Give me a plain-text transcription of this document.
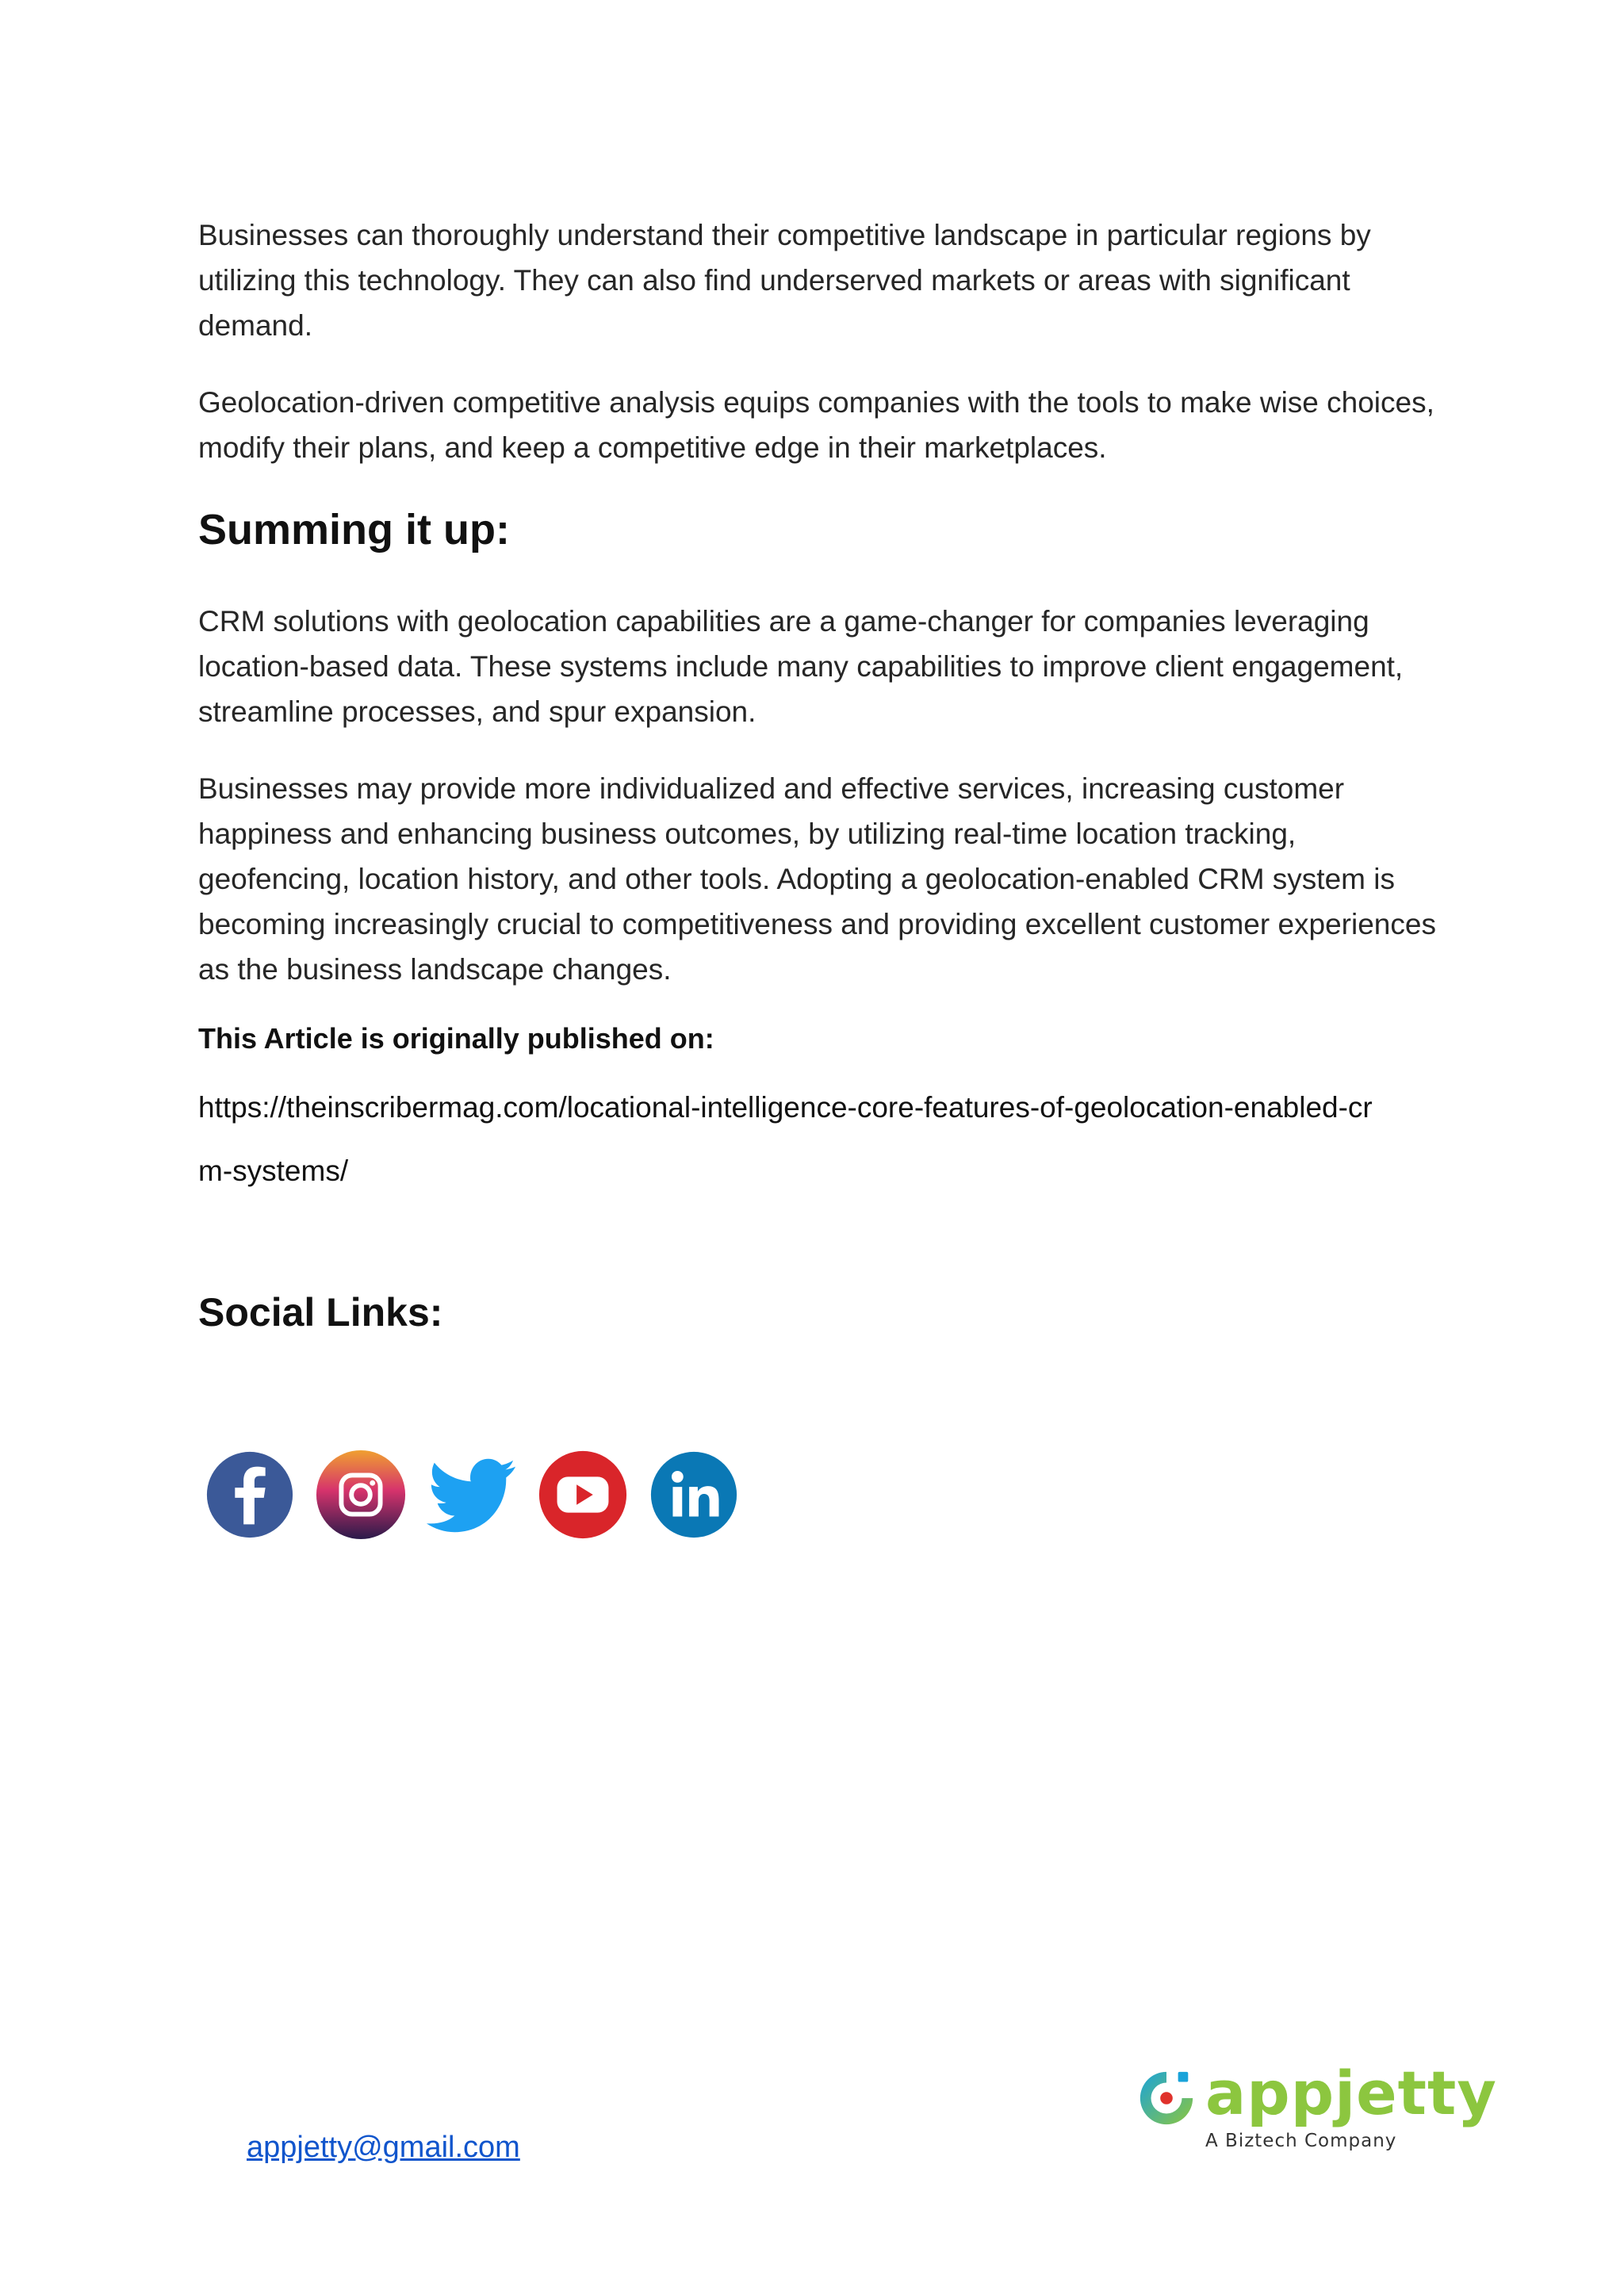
Businesses can thoroughly understand their competitive landscape in particular regions by utilizing this technology. They can also find underserved markets or areas with significant demand.

Geolocation-driven competitive analysis equips companies with the tools to make wise choices, modify their plans, and keep a competitive edge in their marketplaces.

Summing it up:

CRM solutions with geolocation capabilities are a game-changer for companies leveraging location-based data. These systems include many capabilities to improve client engagement, streamline processes, and spur expansion.

Businesses may provide more individualized and effective services, increasing customer happiness and enhancing business outcomes, by utilizing real-time location tracking, geofencing, location history, and other tools. Adopting a geolocation-enabled CRM system is becoming increasingly crucial to competitiveness and providing excellent customer experiences as the business landscape changes.

This Article is originally published on:
https://theinscribermag.com/locational-intelligence-core-features-of-geolocation-enabled-cr
m-systems/
Social Links:
appjetty
A Biztech Company
appjetty@gmail.com
